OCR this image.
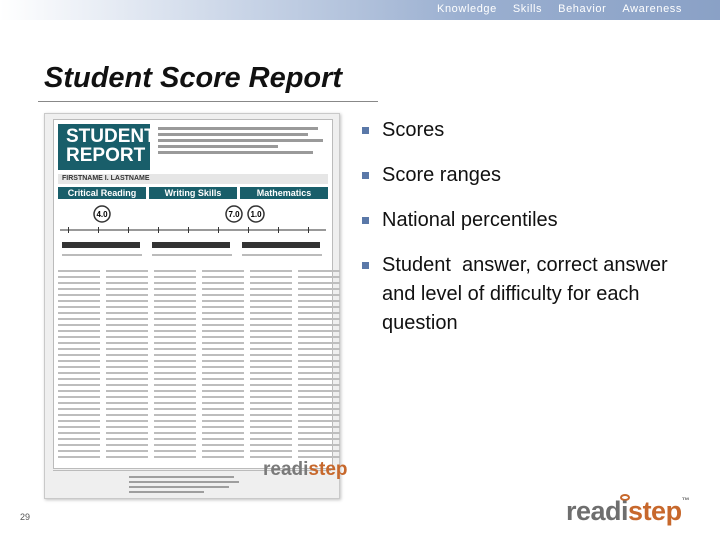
Knowledge Skills Behavior Awareness
Student Score Report
STUDENT
REPORT
FIRSTNAME I. LASTNAME
Critical Reading	Writing Skills	Mathematics
4.0	7.0 1.0
readistep
Scores
Score ranges
National percentiles
Student  answer, correct answer and level of difficulty for each question
29	readistep™
